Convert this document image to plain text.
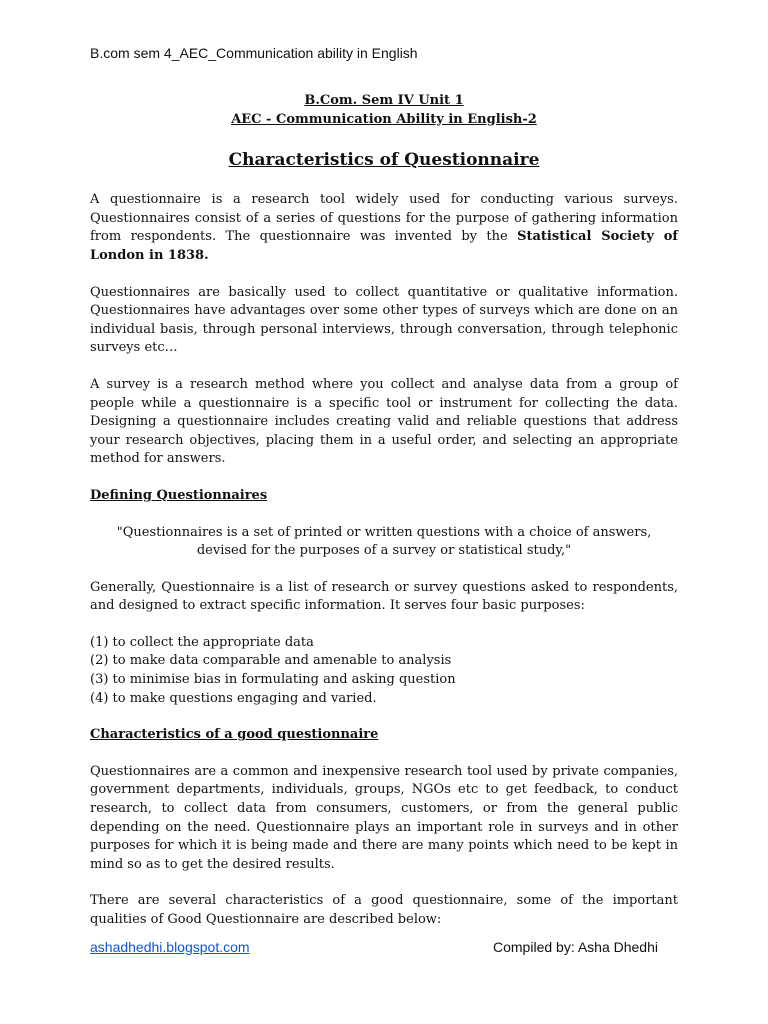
B.com sem 4_AEC_Communication ability in English
B.Com. Sem IV Unit 1
AEC - Communication Ability in English-2
Characteristics of Questionnaire

A questionnaire is a research tool widely used for conducting various surveys. Questionnaires consist of a series of questions for the purpose of gathering information from respondents. The questionnaire was invented by the Statistical Society of London in 1838.

Questionnaires are basically used to collect quantitative or qualitative information. Questionnaires have advantages over some other types of surveys which are done on an individual basis, through personal interviews, through conversation, through telephonic surveys etc…

A survey is a research method where you collect and analyse data from a group of people while a questionnaire is a specific tool or instrument for collecting the data. Designing a questionnaire includes creating valid and reliable questions that address your research objectives, placing them in a useful order, and selecting an appropriate method for answers.

Defining Questionnaires

"Questionnaires is a set of printed or written questions with a choice of answers, devised for the purposes of a survey or statistical study,"

Generally, Questionnaire is a list of research or survey questions asked to respondents, and designed to extract specific information. It serves four basic purposes:

(1) to collect the appropriate data
(2) to make data comparable and amenable to analysis
(3) to minimise bias in formulating and asking question
(4) to make questions engaging and varied.
Characteristics of a good questionnaire

Questionnaires are a common and inexpensive research tool used by private companies, government departments, individuals, groups, NGOs etc to get feedback, to conduct research, to collect data from consumers, customers, or from the general public depending on the need. Questionnaire plays an important role in surveys and in other purposes for which it is being made and there are many points which need to be kept in mind so as to get the desired results.

There are several characteristics of a good questionnaire, some of the important qualities of Good Questionnaire are described below:

ashadhedhi.blogspot.com	Compiled by: Asha Dhedhi
